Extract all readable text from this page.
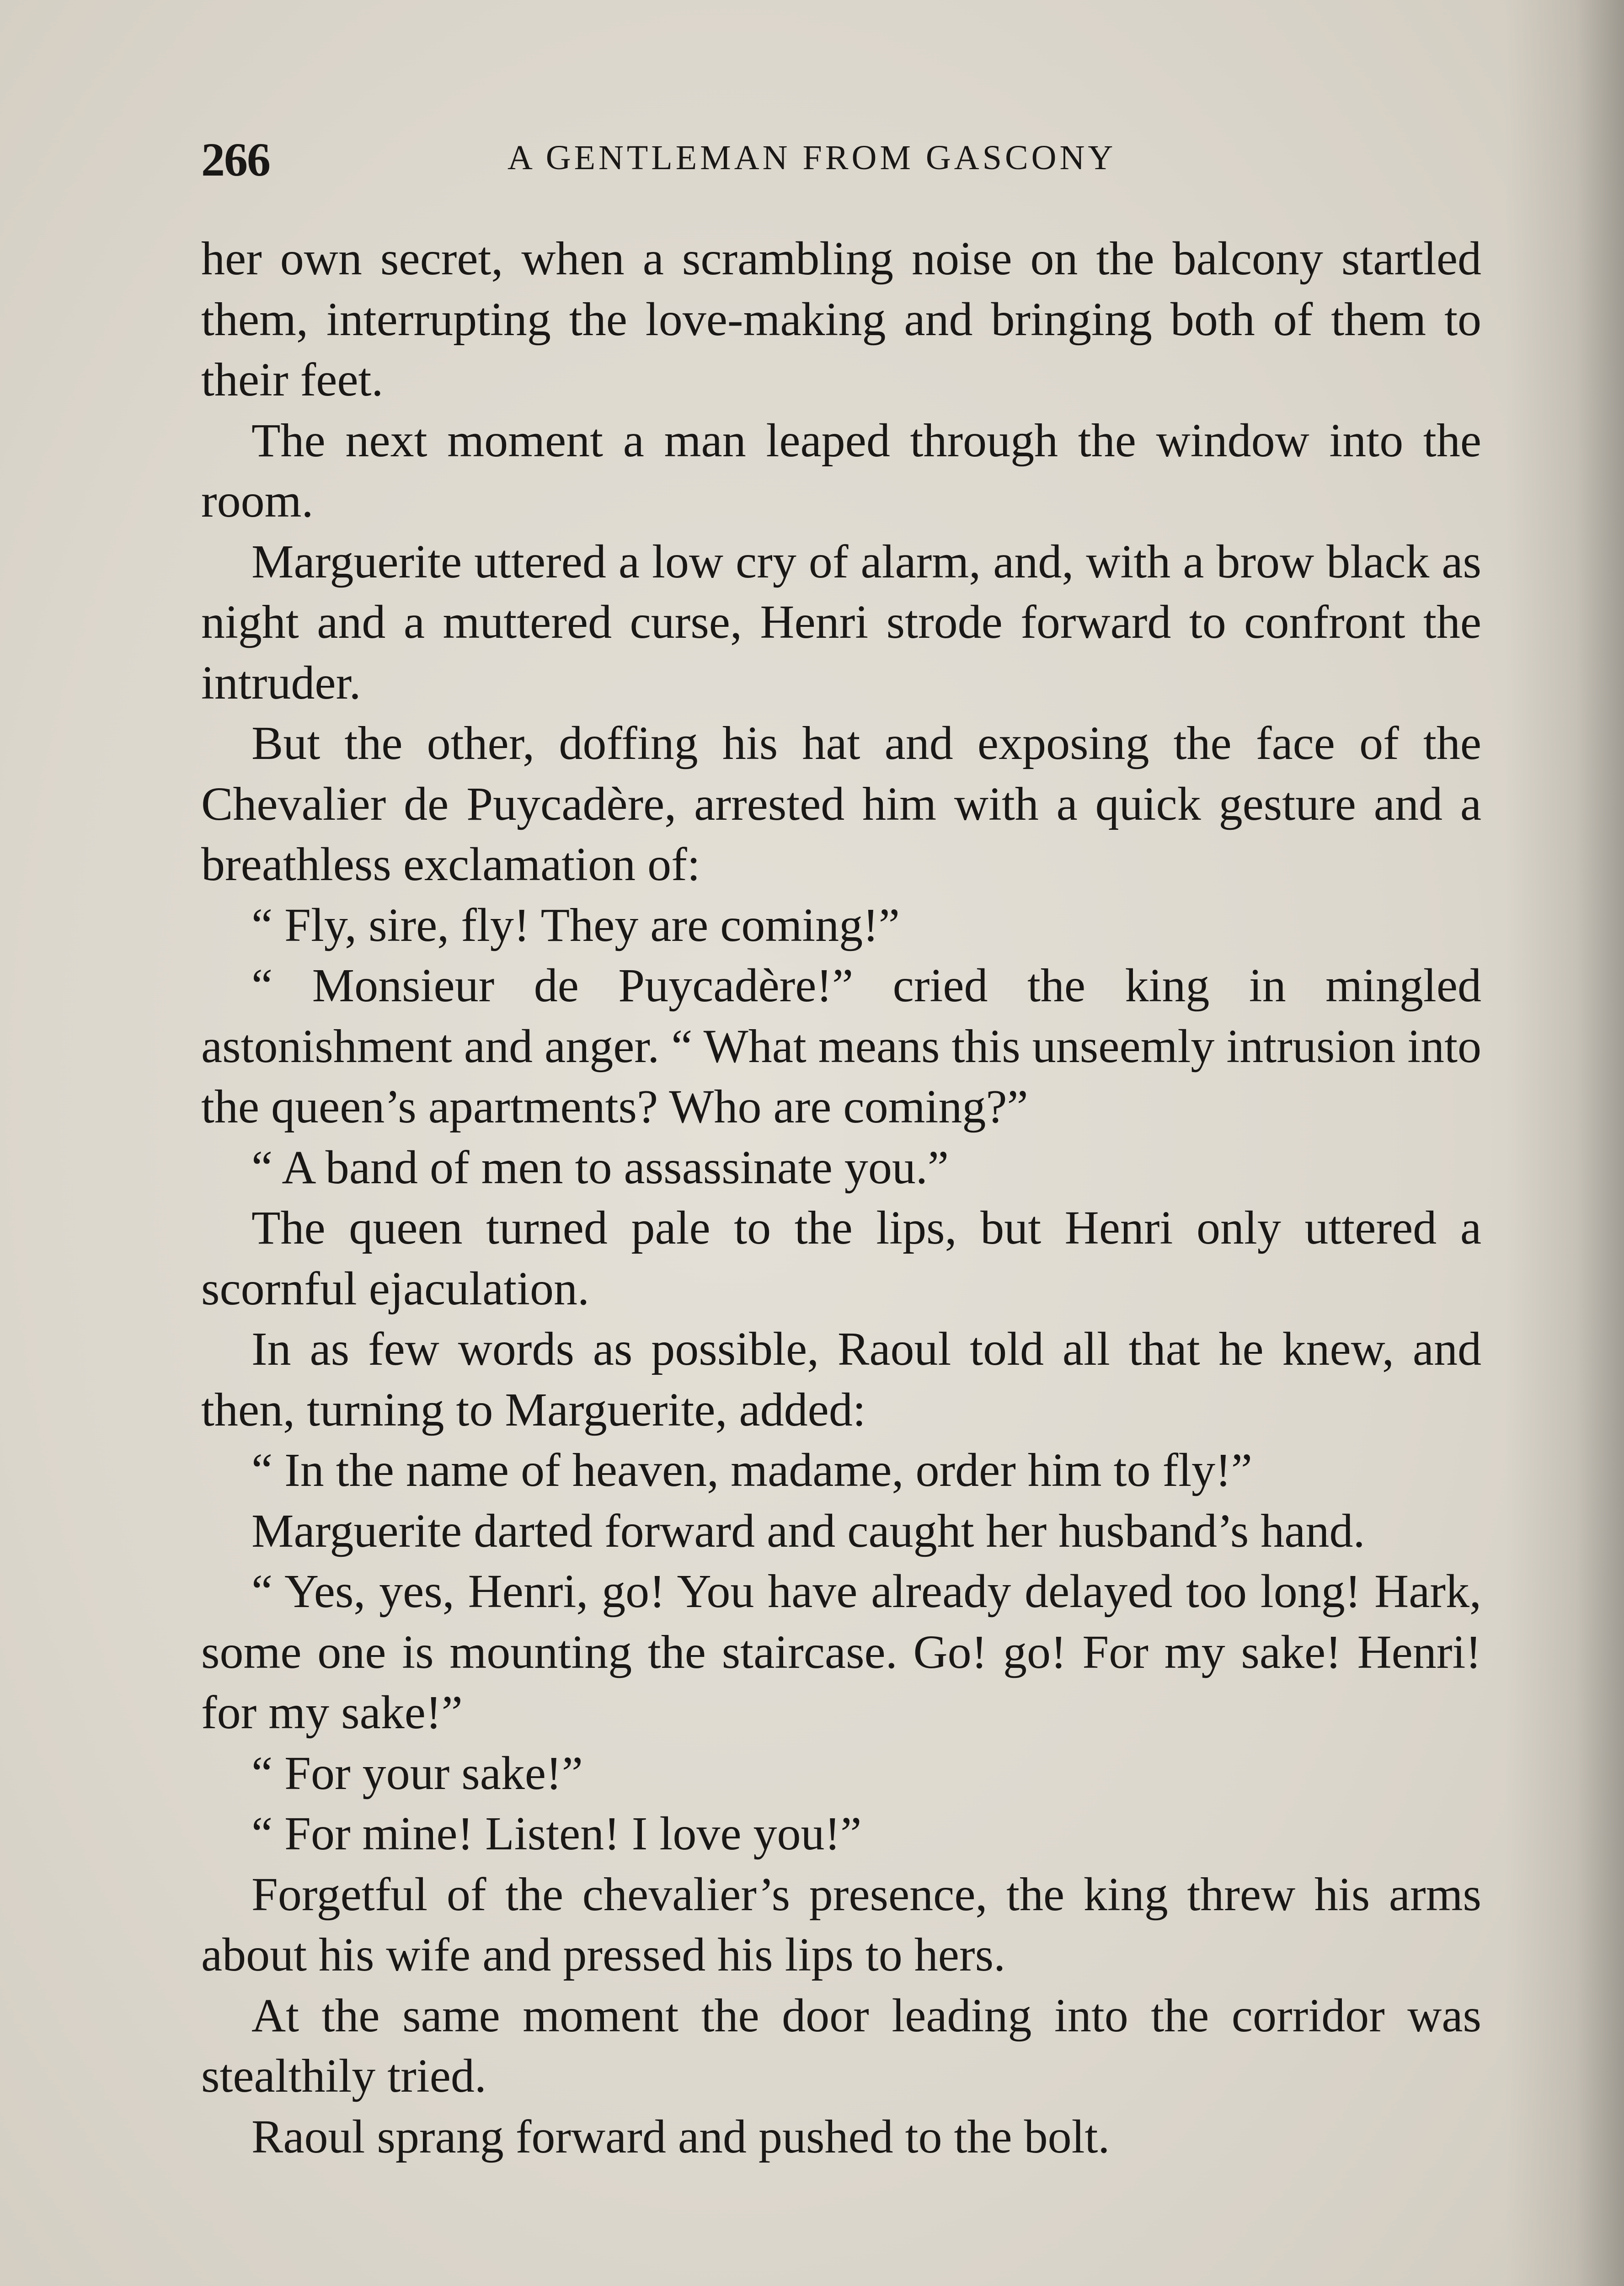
266	A GENTLEMAN FROM GASCONY

her own secret, when a scrambling noise on the balcony startled them, interrupting the love-making and bringing both of them to their feet.

The next moment a man leaped through the window into the room.

Marguerite uttered a low cry of alarm, and, with a brow black as night and a muttered curse, Henri strode forward to confront the intruder.

But the other, doffing his hat and exposing the face of the Chevalier de Puycadère, arrested him with a quick gesture and a breathless exclamation of:

“ Fly, sire, fly! They are coming!”

“ Monsieur de Puycadère!” cried the king in mingled astonishment and anger. “ What means this unseemly intrusion into the queen’s apartments? Who are coming?”

“ A band of men to assassinate you.”

The queen turned pale to the lips, but Henri only uttered a scornful ejaculation.

In as few words as possible, Raoul told all that he knew, and then, turning to Marguerite, added:

“ In the name of heaven, madame, order him to fly!”

Marguerite darted forward and caught her husband’s hand.

“ Yes, yes, Henri, go! You have already delayed too long! Hark, some one is mounting the staircase. Go! go! For my sake! Henri! for my sake!”

“ For your sake!”

“ For mine! Listen! I love you!”

Forgetful of the chevalier’s presence, the king threw his arms about his wife and pressed his lips to hers.

At the same moment the door leading into the corridor was stealthily tried.

Raoul sprang forward and pushed to the bolt.
